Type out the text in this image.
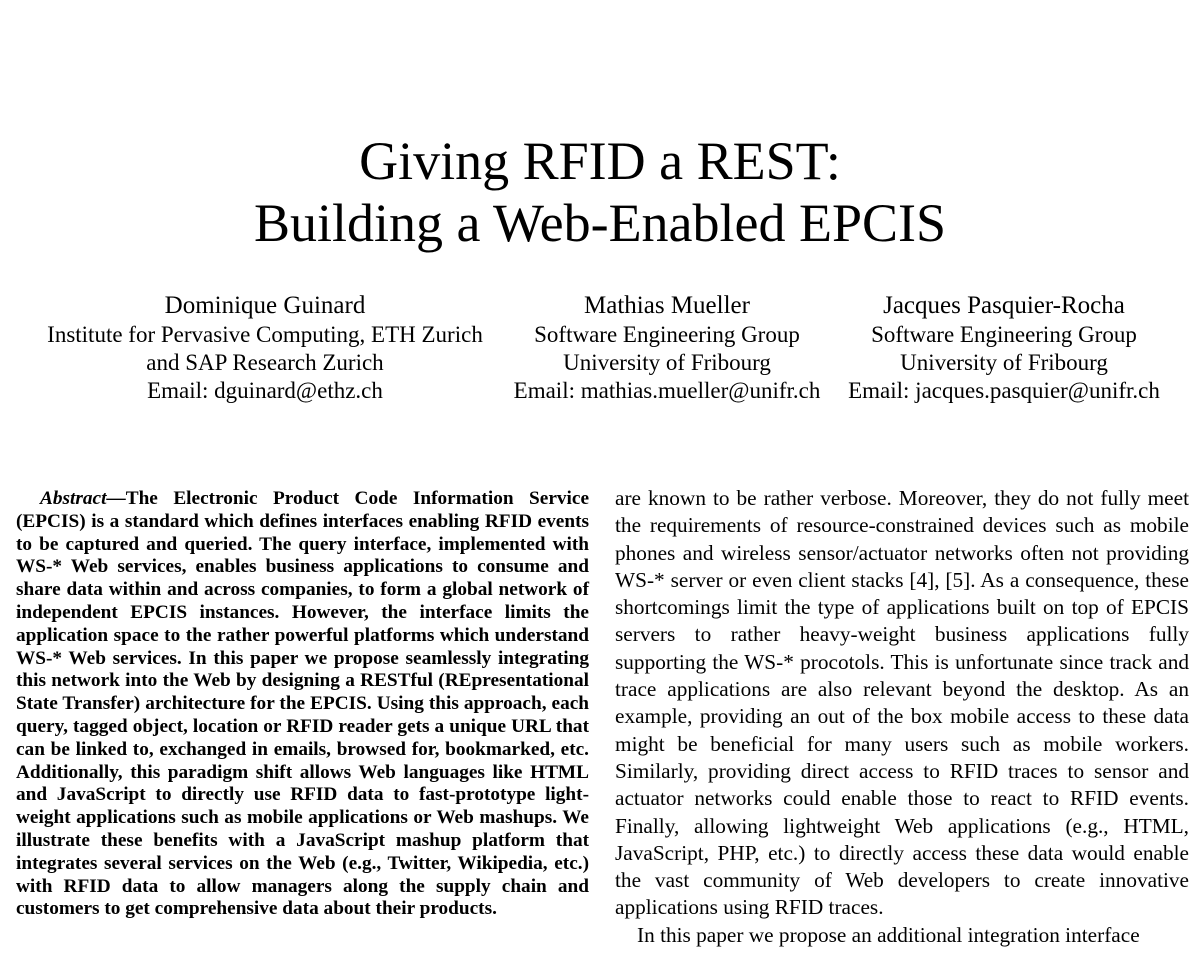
Giving RFID a REST:
Building a Web-Enabled EPCIS
Dominique Guinard
Institute for Pervasive Computing, ETH Zurich
and SAP Research Zurich
Email: dguinard@ethz.ch
Mathias Mueller
Software Engineering Group
University of Fribourg
Email: mathias.mueller@unifr.ch
Jacques Pasquier-Rocha
Software Engineering Group
University of Fribourg
Email: jacques.pasquier@unifr.ch

Abstract—The Electronic Product Code Information Service (EPCIS) is a standard which defines interfaces enabling RFID events to be captured and queried. The query interface, implemented with WS-* Web services, enables business applications to consume and share data within and across companies, to form a global network of independent EPCIS instances. However, the interface limits the application space to the rather powerful platforms which understand WS-* Web services. In this paper we propose seamlessly integrating this network into the Web by designing a RESTful (REpresentational State Transfer) architecture for the EPCIS. Using this approach, each query, tagged object, location or RFID reader gets a unique URL that can be linked to, exchanged in emails, browsed for, bookmarked, etc. Additionally, this paradigm shift allows Web languages like HTML and JavaScript to directly use RFID data to fast-prototype light-weight applications such as mobile applications or Web mashups. We illustrate these benefits with a JavaScript mashup platform that integrates several services on the Web (e.g., Twitter, Wikipedia, etc.) with RFID data to allow managers along the supply chain and customers to get comprehensive data about their products.

are known to be rather verbose. Moreover, they do not fully meet the requirements of resource-constrained devices such as mobile phones and wireless sensor/actuator networks often not providing WS-* server or even client stacks [4], [5]. As a consequence, these shortcomings limit the type of applications built on top of EPCIS servers to rather heavy-weight business applications fully supporting the WS-* procotols. This is unfortunate since track and trace applications are also relevant beyond the desktop. As an example, providing an out of the box mobile access to these data might be beneficial for many users such as mobile workers. Similarly, providing direct access to RFID traces to sensor and actuator networks could enable those to react to RFID events. Finally, allowing lightweight Web applications (e.g., HTML, JavaScript, PHP, etc.) to directly access these data would enable the vast community of Web developers to create innovative applications using RFID traces.

In this paper we propose an additional integration interface
